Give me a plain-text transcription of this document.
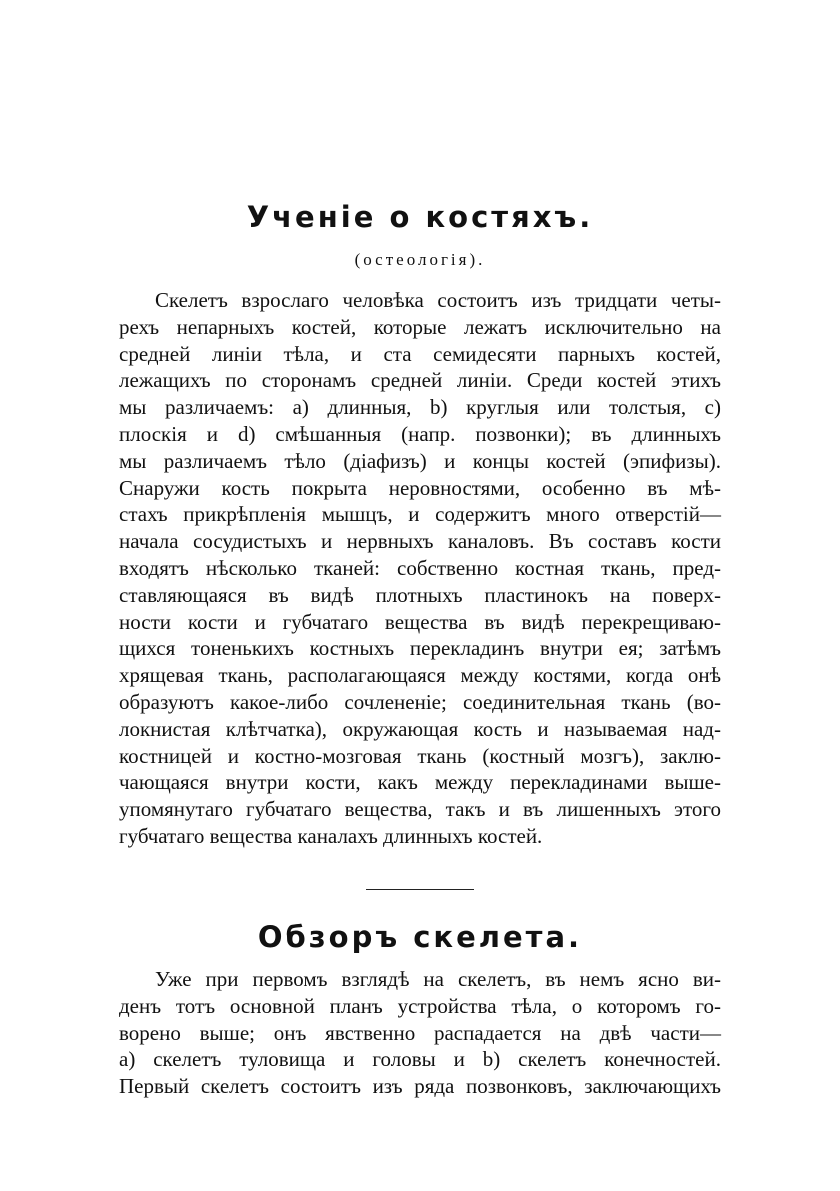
Ученіе о костяхъ.

(остеологія).

Скелетъ взрослаго человѣка состоитъ изъ тридцати четы-
рехъ непарныхъ костей, которые лежатъ исключительно на
средней линіи тѣла, и ста семидесяти парныхъ костей,
лежащихъ по сторонамъ средней линіи. Среди костей этихъ
мы различаемъ: a) длинныя, b) круглыя или толстыя, c)
плоскія и d) смѣшанныя (напр. позвонки); въ длинныхъ
мы различаемъ тѣло (діафизъ) и концы костей (эпифизы).
Снаружи кость покрыта неровностями, особенно въ мѣ-
стахъ прикрѣпленія мышцъ, и содержитъ много отверстій—
начала сосудистыхъ и нервныхъ каналовъ. Въ составъ кости
входятъ нѣсколько тканей: собственно костная ткань, пред-
ставляющаяся въ видѣ плотныхъ пластинокъ на поверх-
ности кости и губчатаго вещества въ видѣ перекрещиваю-
щихся тоненькихъ костныхъ перекладинъ внутри ея; затѣмъ
хрящевая ткань, располагающаяся между костями, когда онѣ
образуютъ какое-либо сочлененіе; соединительная ткань (во-
локнистая клѣтчатка), окружающая кость и называемая над-
костницей и костно-мозговая ткань (костный мозгъ), заклю-
чающаяся внутри кости, какъ между перекладинами выше-
упомянутаго губчатаго вещества, такъ и въ лишенныхъ этого
губчатаго вещества каналахъ длинныхъ костей.
Обзоръ скелета.
Уже при первомъ взглядѣ на скелетъ, въ немъ ясно ви-
денъ тотъ основной планъ устройства тѣла, о которомъ го-
ворено выше; онъ явственно распадается на двѣ части—
a) скелетъ туловища и головы и b) скелетъ конечностей.
Первый скелетъ состоитъ изъ ряда позвонковъ, заключающихъ
